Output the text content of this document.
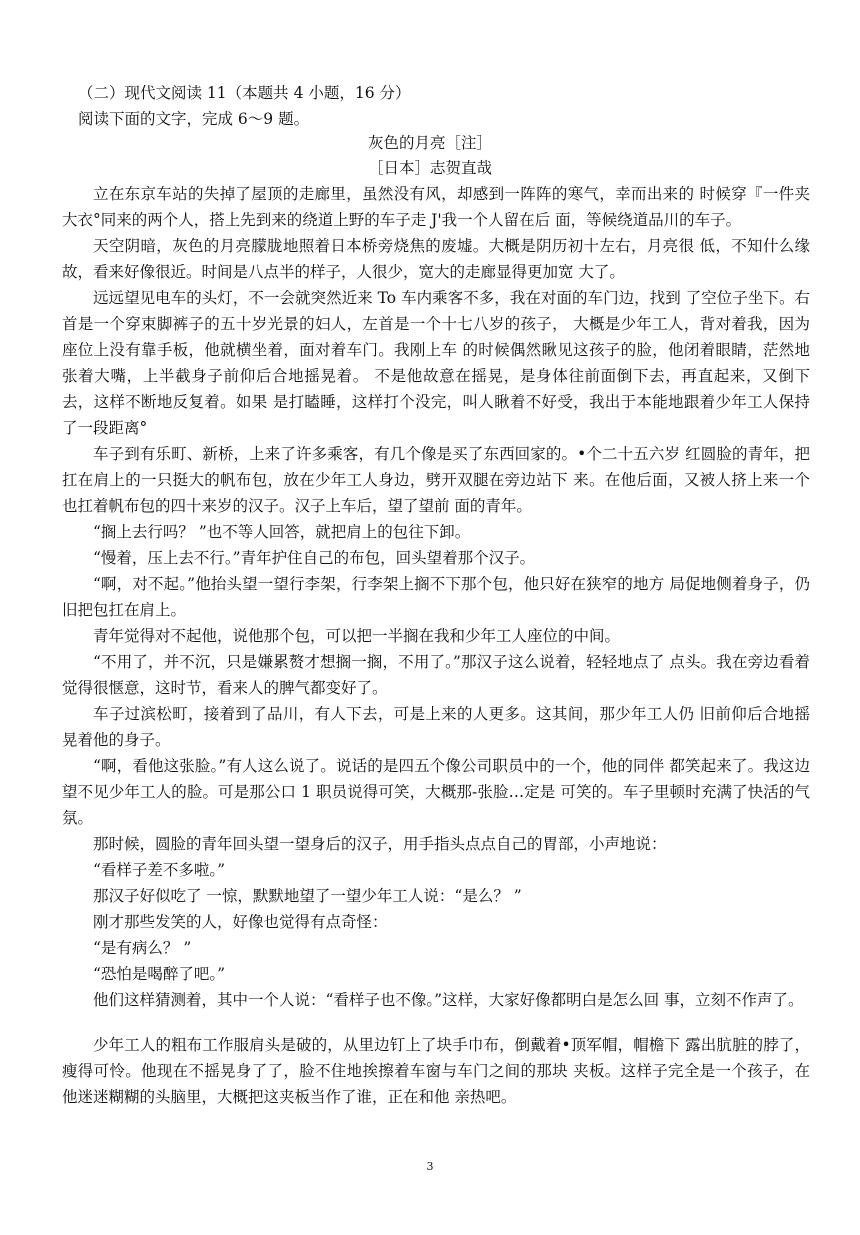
（二）现代文阅读 11（本题共 4 小题，16 分）
阅读下面的文字，完成 6～9 题。
灰色的月亮［注］
［日本］志贺直哉

立在东京车站的失掉了屋顶的走廊里，虽然没有风，却感到一阵阵的寒气，幸而出来的 时候穿『一件夹大衣°同来的两个人，搭上先到来的绕道上野的车子走 J'我一个人留在后 面，等候绕道品川的车子。

天空阴暗，灰色的月亮朦胧地照着日本桥旁烧焦的废墟。大概是阴历初十左右，月亮很 低，不知什么缘故，看来好像很近。时间是八点半的样子，人很少，宽大的走廊显得更加宽 大了。

远远望见电车的头灯，不一会就突然近来 To 车内乘客不多，我在对面的车门边，找到 了空位子坐下。右首是一个穿束脚裤子的五十岁光景的妇人，左首是一个十七八岁的孩子， 大概是少年工人，背对着我，因为座位上没有靠手板，他就横坐着，面对着车门。我刚上车 的时候偶然瞅见这孩子的脸，他闭着眼睛，茫然地张着大嘴，上半截身子前仰后合地摇晃着。 不是他故意在摇晃，是身体往前面倒下去，再直起来，又倒下去，这样不断地反复着。如果 是打瞌睡，这样打个没完，叫人瞅着不好受，我出于本能地跟着少年工人保持了一段距离°

车子到有乐町、新桥，上来了许多乘客，有几个像是买了东西回家的。•个二十五六岁 红圆脸的青年，把扛在肩上的一只挺大的帆布包，放在少年工人身边，劈开双腿在旁边站下 来。在他后面，又被人挤上来一个也扛着帆布包的四十来岁的汉子。汉子上车后，望了望前 面的青年。

“搁上去行吗？ ”也不等人回答，就把肩上的包往下卸。

“慢着，压上去不行。”青年护住自己的布包，回头望着那个汉子。

“啊，对不起。”他抬头望一望行李架，行李架上搁不下那个包，他只好在狭窄的地方 局促地侧着身子，仍旧把包扛在肩上。

青年觉得对不起他，说他那个包，可以把一半搁在我和少年工人座位的中间。

“不用了，并不沉，只是嫌累赘才想搁一搁，不用了。”那汉子这么说着，轻轻地点了 点头。我在旁边看着觉得很惬意，这时节，看来人的脾气都变好了。

车子过滨松町，接着到了品川，有人下去，可是上来的人更多。这其间，那少年工人仍 旧前仰后合地摇晃着他的身子。

“啊，看他这张脸。”有人这么说了。说话的是四五个像公司职员中的一个，他的同伴 都笑起来了。我这边望不见少年工人的脸。可是那公口 1 职员说得可笑，大概那-张脸…定是 可笑的。车子里顿时充满了快活的气氛。

那时候，圆脸的青年回头望一望身后的汉子，用手指头点点自己的胃部，小声地说：

“看样子差不多啦。”

那汉子好似吃了 一惊，默默地望了一望少年工人说：“是么？ ”

刚才那些发笑的人，好像也觉得有点奇怪：

“是有病么？ ”

“恐怕是喝醉了吧。”

他们这样猜测着，其中一个人说：“看样子也不像。”这样，大家好像都明白是怎么回 事，立刻不作声了。

少年工人的粗布工作服肩头是破的，从里边钉上了块手巾布，倒戴着•顶军帽，帽檐下 露出肮脏的脖了，瘦得可怜。他现在不摇晃身了了，脸不住地挨擦着车窗与车门之间的那块 夹板。这样子完全是一个孩子，在他迷迷糊糊的头脑里，大概把这夹板当作了谁，正在和他 亲热吧。

3
